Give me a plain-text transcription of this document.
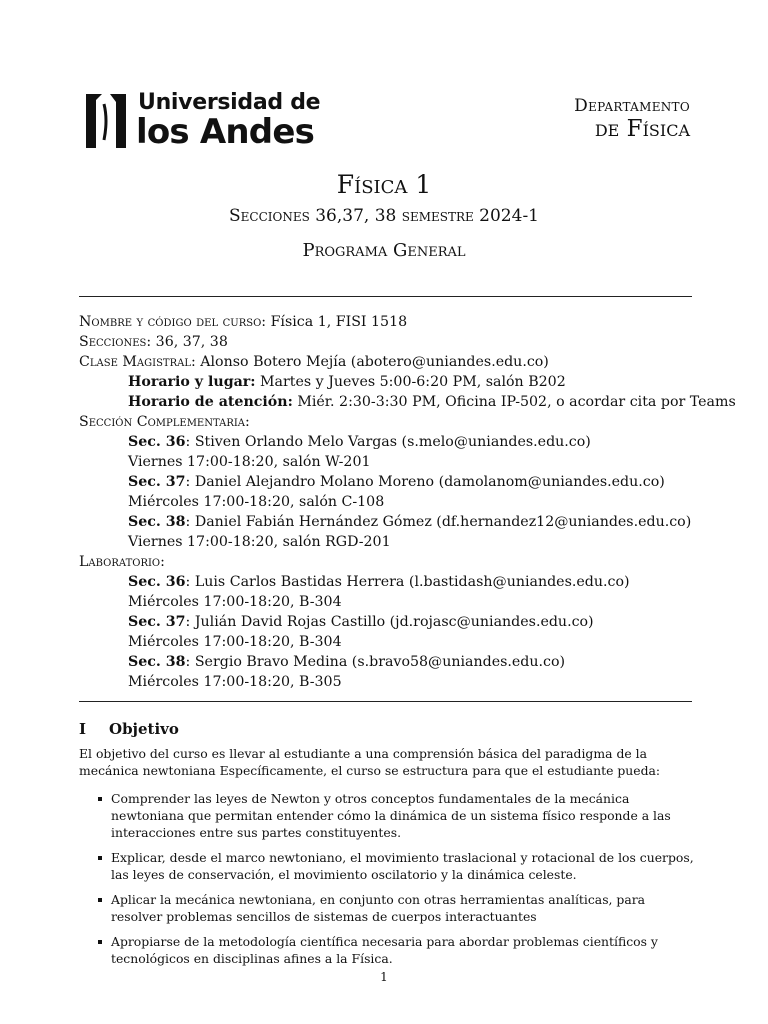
Universidad de
los Andes
Departamento
de Física
Física 1
Secciones 36,37, 38 semestre 2024-1
Programa General
Nombre y código del curso: Física 1, FISI 1518
Secciones: 36, 37, 38
Clase Magistral: Alonso Botero Mejía (abotero@uniandes.edu.co)
Horario y lugar: Martes y Jueves 5:00-6:20 PM, salón B202
Horario de atención: Miér. 2:30-3:30 PM, Oficina IP-502, o acordar cita por Teams
Sección Complementaria:
Sec. 36: Stiven Orlando Melo Vargas (s.melo@uniandes.edu.co)
Viernes 17:00-18:20, salón W-201
Sec. 37: Daniel Alejandro Molano Moreno (damolanom@uniandes.edu.co)
Miércoles 17:00-18:20, salón C-108
Sec. 38: Daniel Fabián Hernández Gómez (df.hernandez12@uniandes.edu.co)
Viernes 17:00-18:20, salón RGD-201
Laboratorio:
Sec. 36: Luis Carlos Bastidas Herrera (l.bastidash@uniandes.edu.co)
Miércoles 17:00-18:20, B-304
Sec. 37: Julián David Rojas Castillo (jd.rojasc@uniandes.edu.co)
Miércoles 17:00-18:20, B-304
Sec. 38: Sergio Bravo Medina (s.bravo58@uniandes.edu.co)
Miércoles 17:00-18:20, B-305
I Objetivo
El objetivo del curso es llevar al estudiante a una comprensión básica del paradigma de la mecánica newtoniana Específicamente, el curso se estructura para que el estudiante pueda:
Comprender las leyes de Newton y otros conceptos fundamentales de la mecánica newtoniana que permitan entender cómo la dinámica de un sistema físico responde a las interacciones entre sus partes constituyentes.
Explicar, desde el marco newtoniano, el movimiento traslacional y rotacional de los cuerpos, las leyes de conservación, el movimiento oscilatorio y la dinámica celeste.
Aplicar la mecánica newtoniana, en conjunto con otras herramientas analíticas, para resolver problemas sencillos de sistemas de cuerpos interactuantes
Apropiarse de la metodología científica necesaria para abordar problemas científicos y tecnológicos en disciplinas afines a la Física.
1
